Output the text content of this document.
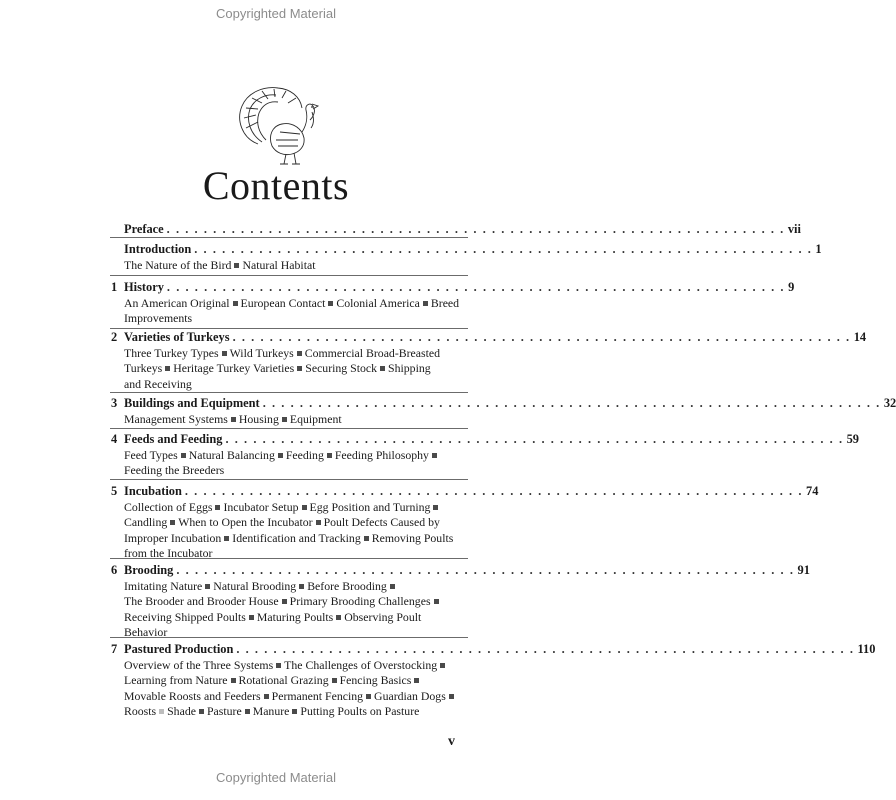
Copyrighted Material
Contents
Preface . . . . . . . . . . . . . . . . . . . . . . . . . . . . . . . . . . . . . . . . . . . . . . . . . . . . . . . . . . . . . . . . . . . vii
Introduction . . . . . . . . . . . . . . . . . . . . . . . . . . . . . . . . . . . . . . . . . . . . . . . . . . . . . . . . . . . . . . . . . . . 1
The Nature of the Bird Natural Habitat
1 History . . . . . . . . . . . . . . . . . . . . . . . . . . . . . . . . . . . . . . . . . . . . . . . . . . . . . . . . . . . . . . . . . . . 9
An American Original European Contact Colonial America Breed
Improvements
2 Varieties of Turkeys . . . . . . . . . . . . . . . . . . . . . . . . . . . . . . . . . . . . . . . . . . . . . . . . . . . . . . . . . . . . . . . . . . . 14
Three Turkey Types Wild Turkeys Commercial Broad-Breasted
Turkeys Heritage Turkey Varieties Securing Stock Shipping
and Receiving
3 Buildings and Equipment . . . . . . . . . . . . . . . . . . . . . . . . . . . . . . . . . . . . . . . . . . . . . . . . . . . . . . . . . . . . . . . . . . . 32
Management Systems Housing Equipment
4 Feeds and Feeding . . . . . . . . . . . . . . . . . . . . . . . . . . . . . . . . . . . . . . . . . . . . . . . . . . . . . . . . . . . . . . . . . . . 59
Feed Types Natural Balancing Feeding Feeding Philosophy
Feeding the Breeders
5 Incubation . . . . . . . . . . . . . . . . . . . . . . . . . . . . . . . . . . . . . . . . . . . . . . . . . . . . . . . . . . . . . . . . . . . 74
Collection of Eggs Incubator Setup Egg Position and Turning
Candling When to Open the Incubator Poult Defects Caused by
Improper Incubation Identification and Tracking Removing Poults
from the Incubator
6 Brooding . . . . . . . . . . . . . . . . . . . . . . . . . . . . . . . . . . . . . . . . . . . . . . . . . . . . . . . . . . . . . . . . . . . 91
Imitating Nature Natural Brooding Before Brooding
The Brooder and Brooder House Primary Brooding Challenges
Receiving Shipped Poults Maturing Poults Observing Poult
Behavior
7 Pastured Production . . . . . . . . . . . . . . . . . . . . . . . . . . . . . . . . . . . . . . . . . . . . . . . . . . . . . . . . . . . . . . . . . . . 110
Overview of the Three Systems The Challenges of Overstocking
Learning from Nature Rotational Grazing Fencing Basics
Movable Roosts and Feeders Permanent Fencing Guardian Dogs
Roosts Shade Pasture Manure Putting Poults on Pasture
v
Copyrighted Material
